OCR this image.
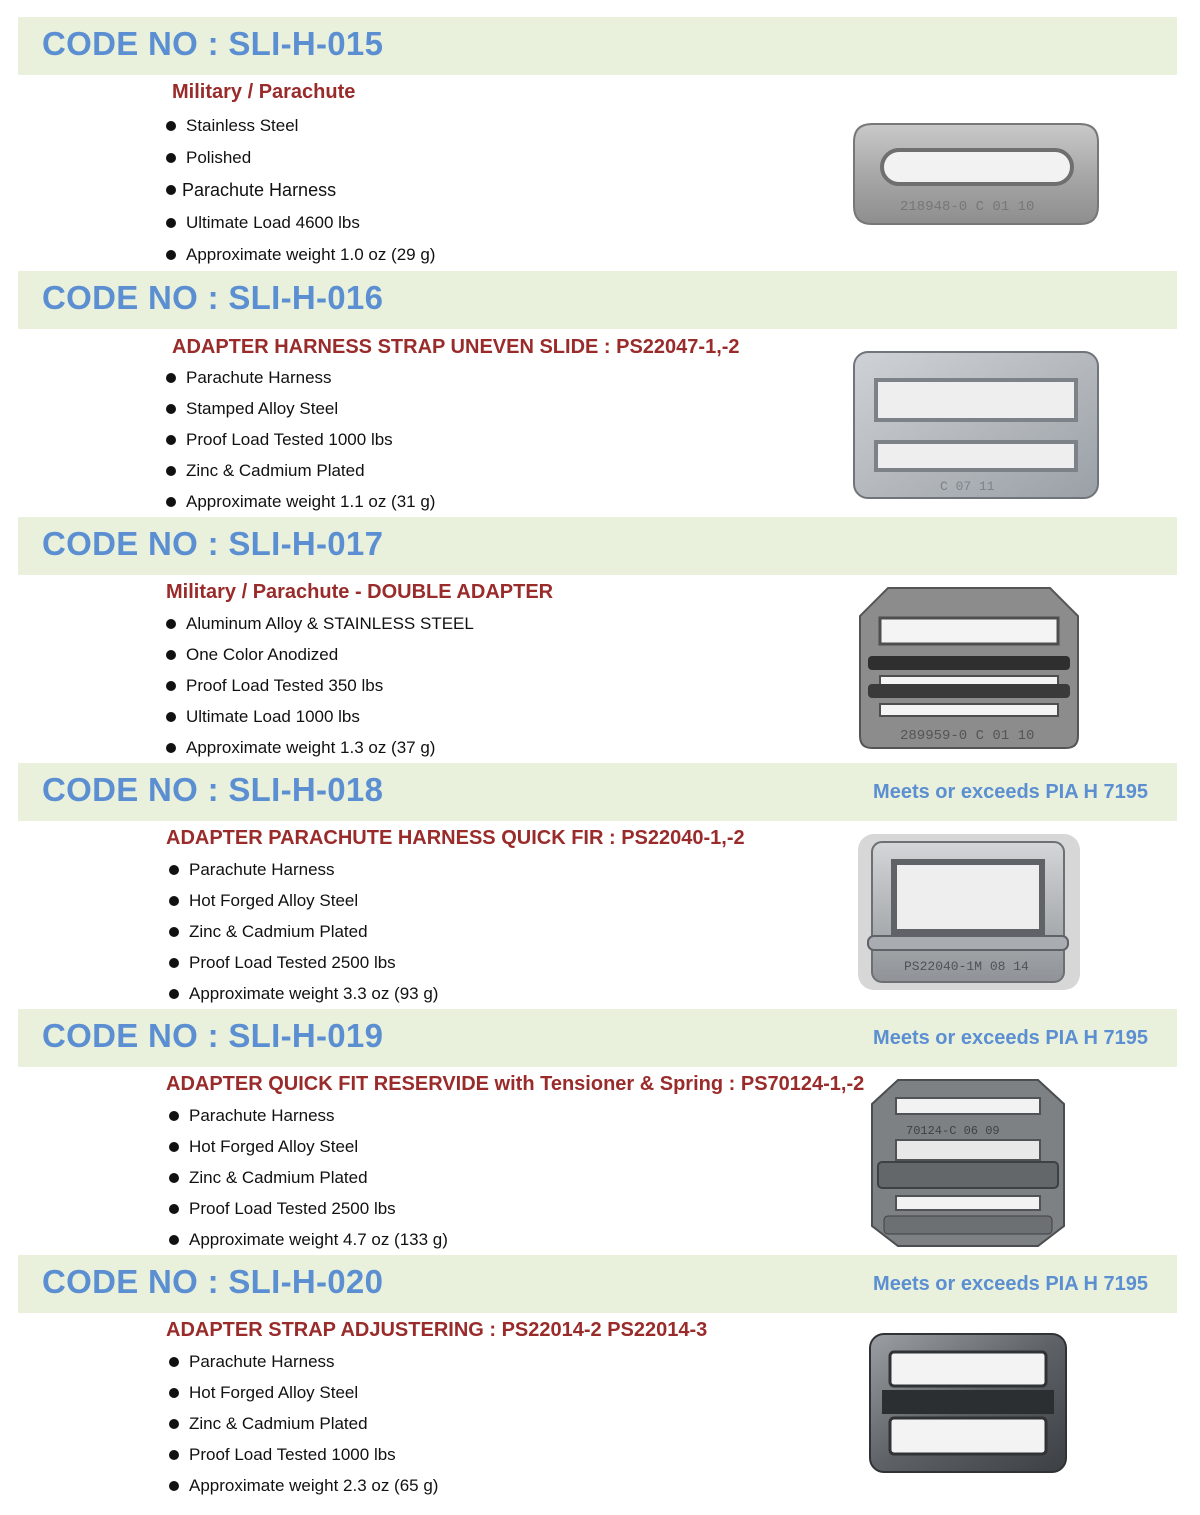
CODE NO : SLI-H-015
Military / Parachute
Stainless Steel
Polished
Parachute Harness
Ultimate Load 4600 lbs
Approximate weight 1.0 oz (29 g)
218948-0 C 01 10
CODE NO : SLI-H-016
ADAPTER HARNESS STRAP UNEVEN SLIDE : PS22047-1,-2
Parachute Harness
Stamped Alloy Steel
Proof Load Tested 1000 lbs
Zinc & Cadmium Plated
Approximate weight 1.1 oz (31 g)
C 07 11
CODE NO : SLI-H-017
Military / Parachute - DOUBLE ADAPTER
Aluminum Alloy & STAINLESS STEEL
One Color Anodized
Proof Load Tested 350 lbs
Ultimate Load 1000 lbs
Approximate weight 1.3 oz (37 g)
289959-0 C 01 10
CODE NO : SLI-H-018	Meets or exceeds PIA H 7195
ADAPTER PARACHUTE HARNESS QUICK FIR : PS22040-1,-2
Parachute Harness
Hot Forged Alloy Steel
Zinc & Cadmium Plated
Proof Load Tested 2500 lbs
Approximate weight 3.3 oz (93 g)
PS22040-1M 08 14
CODE NO : SLI-H-019	Meets or exceeds PIA H 7195
ADAPTER QUICK FIT RESERVIDE with Tensioner & Spring : PS70124-1,-2
Parachute Harness
Hot Forged Alloy Steel
Zinc & Cadmium Plated
Proof Load Tested 2500 lbs
Approximate weight 4.7 oz (133 g)
70124-C 06 09
CODE NO : SLI-H-020	Meets or exceeds PIA H 7195
ADAPTER STRAP ADJUSTERING : PS22014-2 PS22014-3
Parachute Harness
Hot Forged Alloy Steel
Zinc & Cadmium Plated
Proof Load Tested 1000 lbs
Approximate weight 2.3 oz (65 g)
